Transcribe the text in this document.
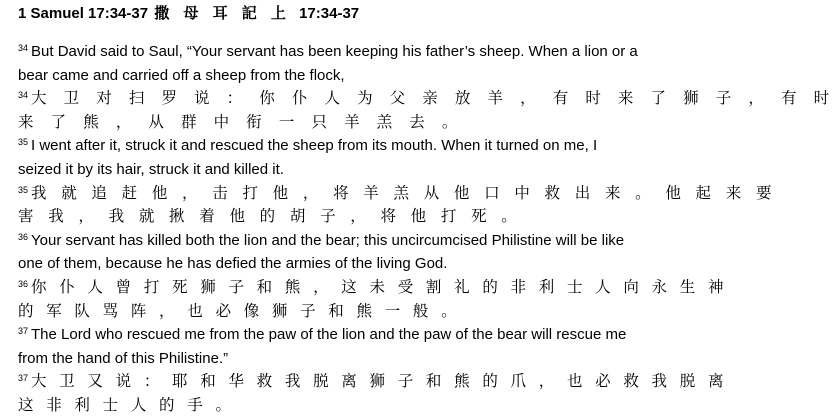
1 Samuel 17:34-37 撒 母 耳 記 上 17:34-37
$^{34}$ But David said to Saul, “Your servant has been keeping his father’s sheep. When a lion or a
bear came and carried off a sheep from the flock,
$^{34}$ 大 卫 对 扫 罗 说 ： 你 仆 人 为 父 亲 放 羊 ， 有 时 来 了 狮 子 ， 有 时
来 了 熊 ， 从 群 中 衔 一 只 羊 羔 去 。
$^{35}$ I went after it, struck it and rescued the sheep from its mouth. When it turned on me, I
seized it by its hair, struck it and killed it.
$^{35}$ 我 就 追 赶 他 ， 击 打 他 ， 将 羊 羔 从 他 口 中 救 出 来 。 他 起 来 要
害 我 ， 我 就 揪 着 他 的 胡 子 ， 将 他 打 死 。
$^{36}$ Your servant has killed both the lion and the bear; this uncircumcised Philistine will be like
one of them, because he has defied the armies of the living God.
$^{36}$ 你 仆 人 曾 打 死 狮 子 和 熊 ， 这 未 受 割 礼 的 非 利 士 人 向 永 生 神
的 军 队 骂 阵 ， 也 必 像 狮 子 和 熊 一 般 。
$^{37}$ The Lord who rescued me from the paw of the lion and the paw of the bear will rescue me
from the hand of this Philistine.”
$^{37}$ 大 卫 又 说 ： 耶 和 华 救 我 脱 离 狮 子 和 熊 的 爪 ， 也 必 救 我 脱 离
这 非 利 士 人 的 手 。
